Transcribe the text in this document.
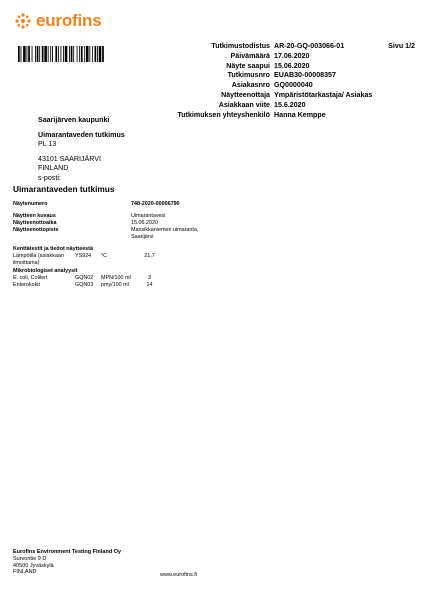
eurofins
Sivu 1/2
Tutkimustodistus AR-20-GQ-003066-01
Päivämäärä 17.06.2020
Näyte saapui 15.06.2020
Tutkimusnro EUAB30-00008357
Asiakasnro GQ0000040
Näytteenottaja Ympäristötarkastaja/ Asiakas
Asiakkaan viite 15.6.2020
Tutkimuksen yhteyshenkilö Hanna Kemppe
Saarijärven kaupunki
Uimarantaveden tutkimus
PL 13
43101 SAARIJÄRVI
FINLAND
s-posti:
Uimarantaveden tutkimus
Näytenumero	748-2020-00006790
Näytteen kuvaus	Uimarantavesi
Näytteenottoaika	15.06.2020
Näytteenottopiste	Mansikkaniemen uimaranta, Saarijärvi
Kenttätestit ja tiedot näytteestä
Lämpötila (asiakkaan ilmoittama)
YS924	°C	21,7
Mikrobiologiset analyysit
E. coli, Colilert	GQN02	MPN/100 ml	3
Enterokokit	GQN03	pmy/100 ml	14
Eurofins Environment Testing Finland Oy
Survontie 9 D
40500 Jyväskylä
FINLAND	www.eurofins.fi
